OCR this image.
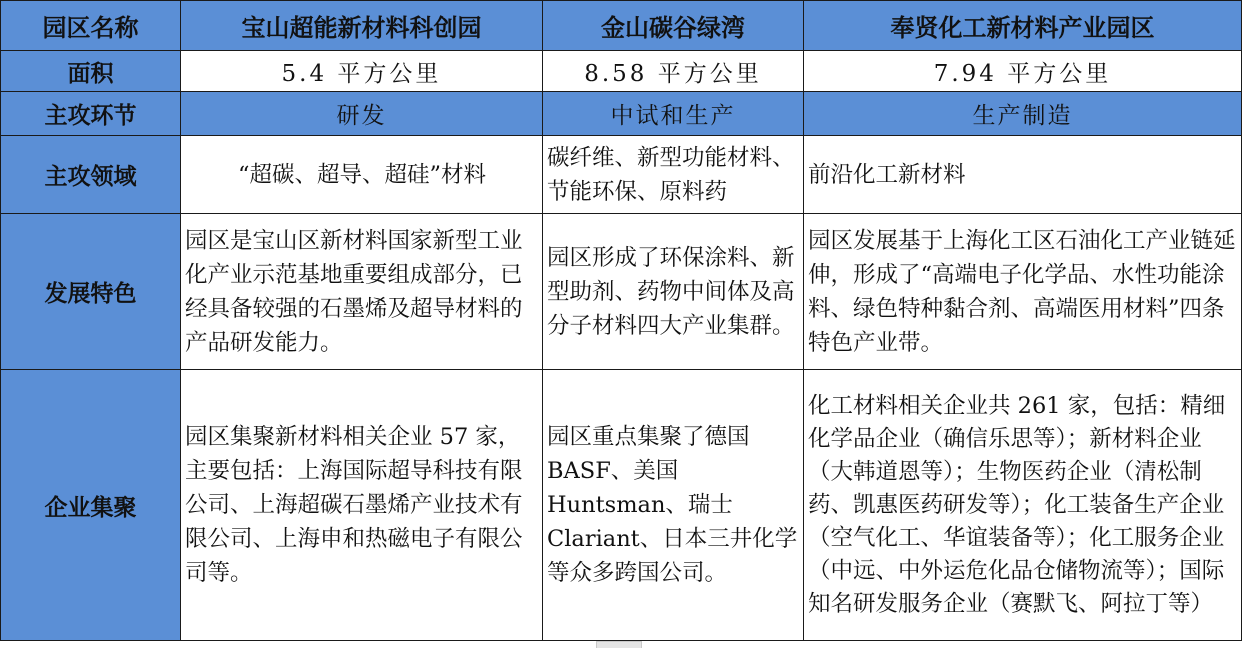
园区名称	宝山超能新材料科创园	金山碳谷绿湾	奉贤化工新材料产业园区
面积	5.4 平方公里	8.58 平方公里	7.94 平方公里
主攻环节	研发	中试和生产	生产制造
主攻领域	“超碳、超导、超硅”材料	碳纤维、新型功能材料、节能环保、原料药	前沿化工新材料
发展特色	园区是宝山区新材料国家新型工业化产业示范基地重要组成部分，已经具备较强的石墨烯及超导材料的产品研发能力。	园区形成了环保涂料、新型助剂、药物中间体及高分子材料四大产业集群。	园区发展基于上海化工区石油化工产业链延伸，形成了“高端电子化学品、水性功能涂料、绿色特种黏合剂、高端医用材料”四条特色产业带。
企业集聚	园区集聚新材料相关企业 57 家，主要包括：上海国际超导科技有限公司、上海超碳石墨烯产业技术有限公司、上海申和热磁电子有限公司等。	园区重点集聚了德国 BASF、美国 Huntsman、瑞士 Clariant、日本三井化学等众多跨国公司。	化工材料相关企业共 261 家，包括：精细化学品企业（确信乐思等）；新材料企业（大韩道恩等）；生物医药企业（清松制药、凯惠医药研发等）；化工装备生产企业（空气化工、华谊装备等）；化工服务企业（中远、中外运危化品仓储物流等）；国际知名研发服务企业（赛默飞、阿拉丁等）
